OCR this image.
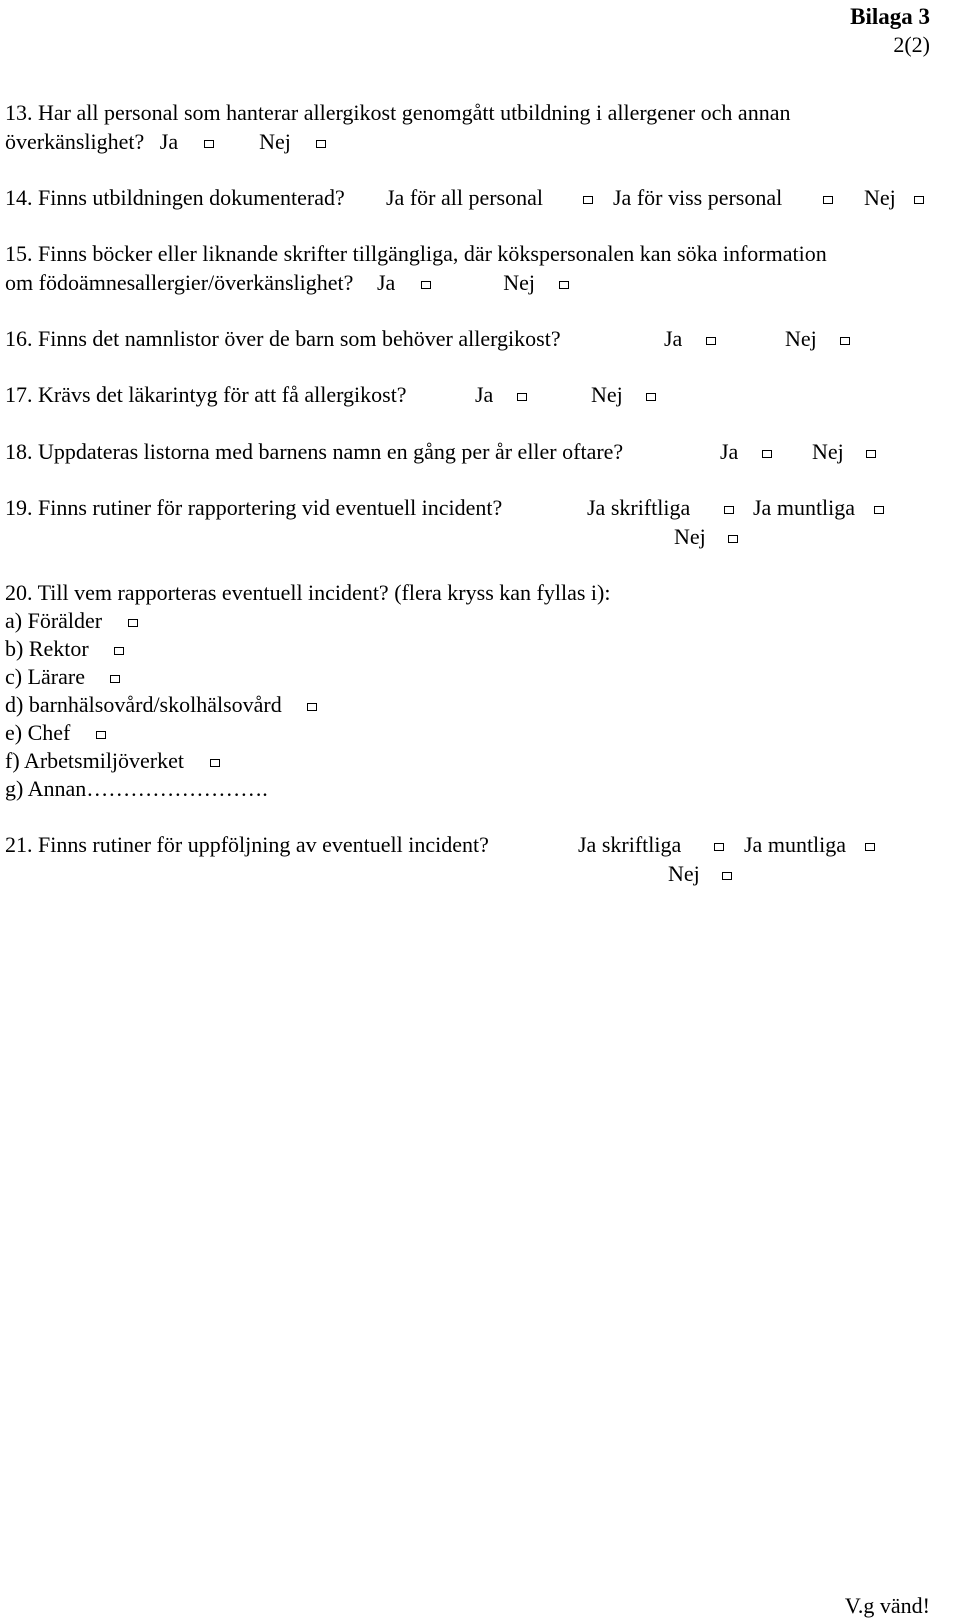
Bilaga 3
2(2)
13. Har all personal som hanterar allergikost genomgått utbildning i allergener och annan
överkänslighet? Ja	Nej
14. Finns utbildningen dokumenterad? Ja för all personal	Ja för viss personal	Nej
15. Finns böcker eller liknande skrifter tillgängliga, där kökspersonalen kan söka information
om födoämnesallergier/överkänslighet? Ja	Nej
16. Finns det namnlistor över de barn som behöver allergikost?	Ja	Nej
17. Krävs det läkarintyg för att få allergikost?	Ja	Nej
18. Uppdateras listorna med barnens namn en gång per år eller oftare?	Ja	Nej
19. Finns rutiner för rapportering vid eventuell incident?	Ja skriftliga	Ja muntliga
Nej
20. Till vem rapporteras eventuell incident? (flera kryss kan fyllas i):
a) Förälder
b) Rektor
c) Lärare
d) barnhälsovård/skolhälsovård
e) Chef
f) Arbetsmiljöverket
g) Annan…………………….
21. Finns rutiner för uppföljning av eventuell incident?	Ja skriftliga	Ja muntliga
Nej
V.g vänd!
